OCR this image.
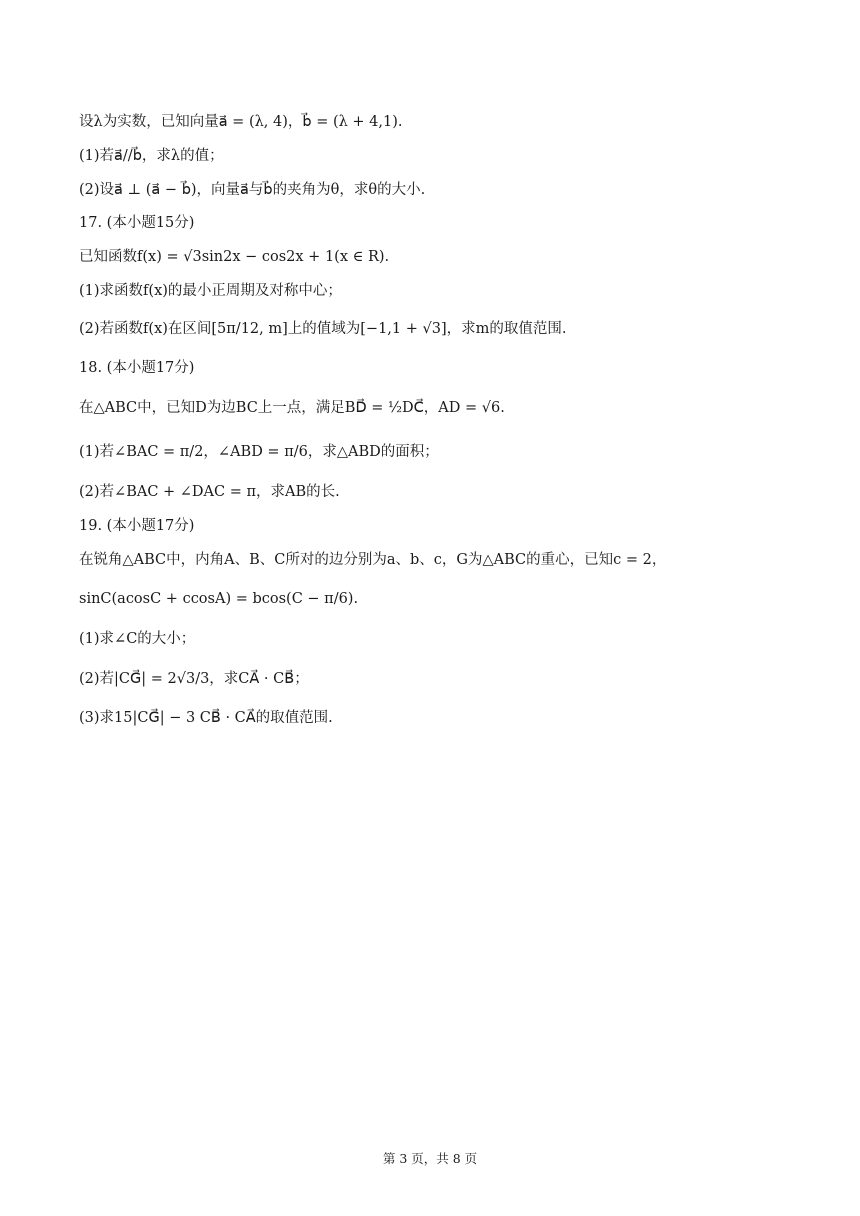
设λ为实数，已知向量a⃗ = (λ, 4)，b⃗ = (λ + 4,1).
(1)若a⃗//b⃗，求λ的值；
(2)设a⃗ ⊥ (a⃗ − b⃗)，向量a⃗与b⃗的夹角为θ，求θ的大小.
17. (本小题15分)
已知函数f(x) = √3sin2x − cos2x + 1(x ∈ R).
(1)求函数f(x)的最小正周期及对称中心；
(2)若函数f(x)在区间[5π/12, m]上的值域为[−1,1 + √3]，求m的取值范围.
18. (本小题17分)
在△ABC中，已知D为边BC上一点，满足BD⃗ = ½DC⃗，AD = √6.
(1)若∠BAC = π/2，∠ABD = π/6，求△ABD的面积；
(2)若∠BAC + ∠DAC = π，求AB的长.
19. (本小题17分)
在锐角△ABC中，内角A、B、C所对的边分别为a、b、c，G为△ABC的重心，已知c = 2，
sinC(acosC + ccosA) = bcos(C − π/6).
(1)求∠C的大小；
(2)若|CG⃗| = 2√3/3，求CA⃗ · CB⃗；
(3)求15|CG⃗| − 3 CB⃗ · CA⃗的取值范围.
第 3 页，共 8 页
